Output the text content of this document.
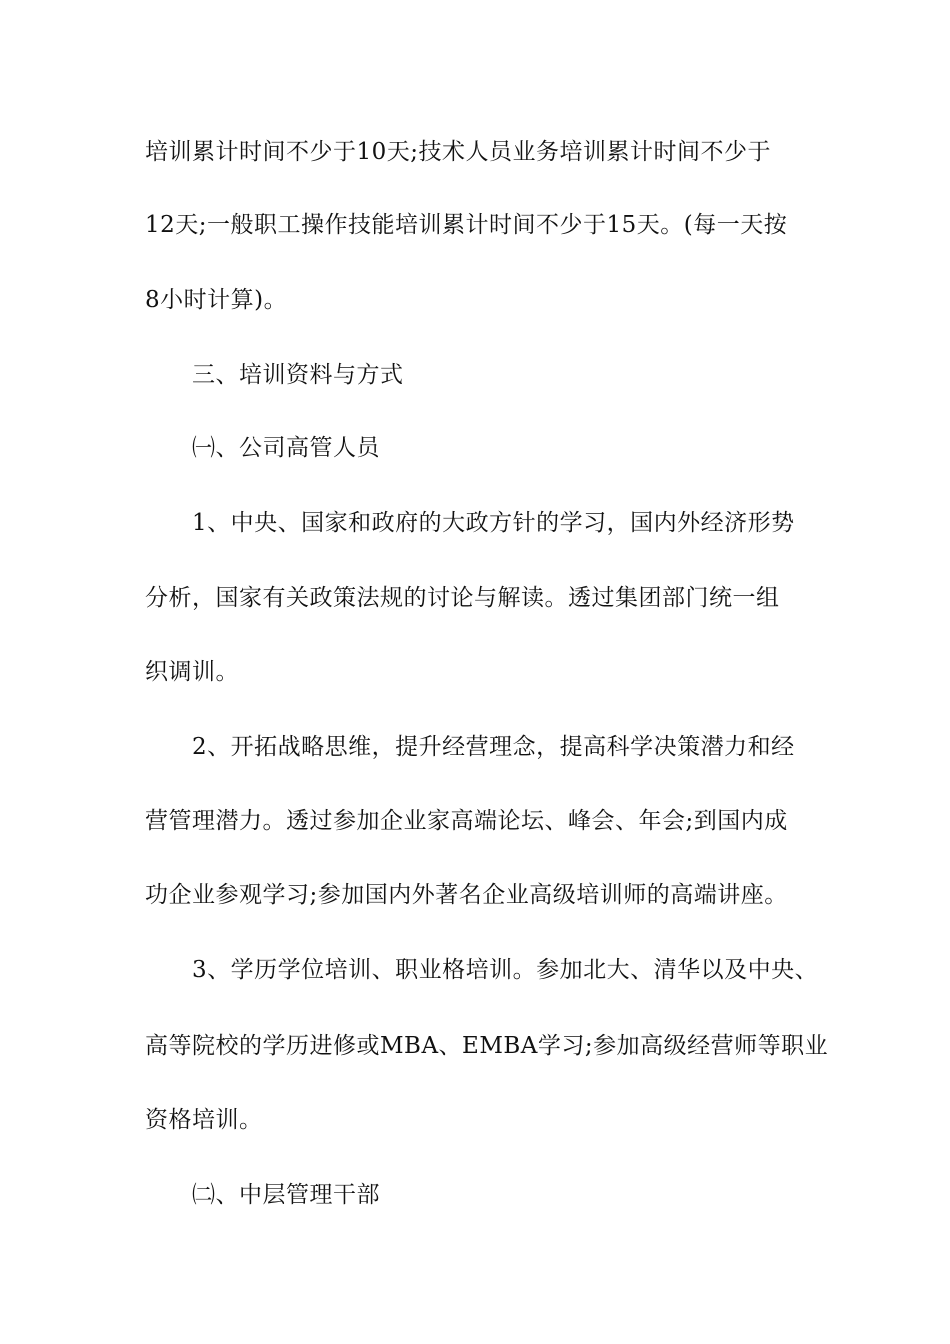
培训累计时间不少于10天;技术人员业务培训累计时间不少于
12天;一般职工操作技能培训累计时间不少于15天。(每一天按
8小时计算)。
三、培训资料与方式
㈠、公司高管人员
1、中央、国家和政府的大政方针的学习，国内外经济形势
分析，国家有关政策法规的讨论与解读。透过集团部门统一组
织调训。
2、开拓战略思维，提升经营理念，提高科学决策潜力和经
营管理潜力。透过参加企业家高端论坛、峰会、年会;到国内成
功企业参观学习;参加国内外著名企业高级培训师的高端讲座。
3、学历学位培训、职业格培训。参加北大、清华以及中央、
高等院校的学历进修或MBA、EMBA学习;参加高级经营师等职业
资格培训。
㈡、中层管理干部
